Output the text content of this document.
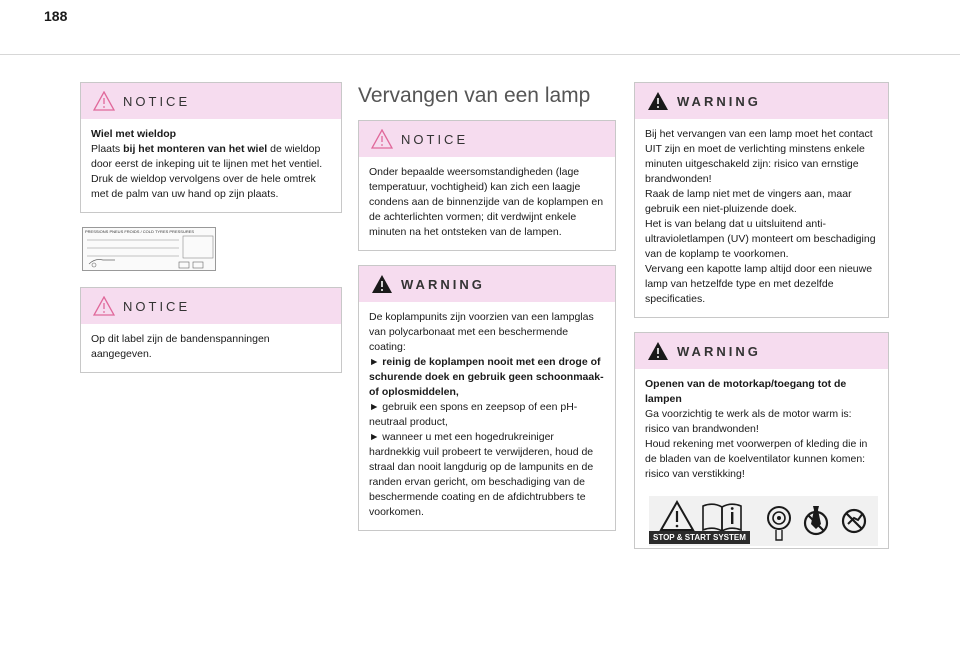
188
NOTICE

Wiel met wieldop

Plaats bij het monteren van het wiel de wieldop door eerst de inkeping uit te lijnen met het ventiel. Druk de wieldop vervolgens over de hele omtrek met de palm van uw hand op zijn plaats.

PRESSIONS PNEUS FROIDS / COLD TYRES PRESSURES
NOTICE

Op dit label zijn de bandenspanningen aangegeven.

Vervangen van een lamp
NOTICE

Onder bepaalde weersomstandigheden (lage temperatuur, vochtigheid) kan zich een laagje condens aan de binnenzijde van de koplampen en de achterlichten vormen; dit verdwijnt enkele minuten na het ontsteken van de lampen.

WARNING

De koplampunits zijn voorzien van een lampglas van polycarbonaat met een beschermende coating:

► reinig de koplampen nooit met een droge of schurende doek en gebruik geen schoonmaak- of oplosmiddelen,

► gebruik een spons en zeepsop of een pH-neutraal product,

► wanneer u met een hogedrukreiniger hardnekkig vuil probeert te verwijderen, houd de straal dan nooit langdurig op de lampunits en de randen ervan gericht, om beschadiging van de beschermende coating en de afdichtrubbers te voorkomen.

WARNING

Bij het vervangen van een lamp moet het contact UIT zijn en moet de verlichting minstens enkele minuten uitgeschakeld zijn: risico van ernstige brandwonden!

Raak de lamp niet met de vingers aan, maar gebruik een niet-pluizende doek.

Het is van belang dat u uitsluitend anti-ultravioletlampen (UV) monteert om beschadiging van de koplamp te voorkomen.

Vervang een kapotte lamp altijd door een nieuwe lamp van hetzelfde type en met dezelfde specificaties.

WARNING

Openen van de motorkap/toegang tot de lampen

Ga voorzichtig te werk als de motor warm is: risico van brandwonden!

Houd rekening met voorwerpen of kleding die in de bladen van de koelventilator kunnen komen: risico van verstikking!

STOP & START SYSTEM
